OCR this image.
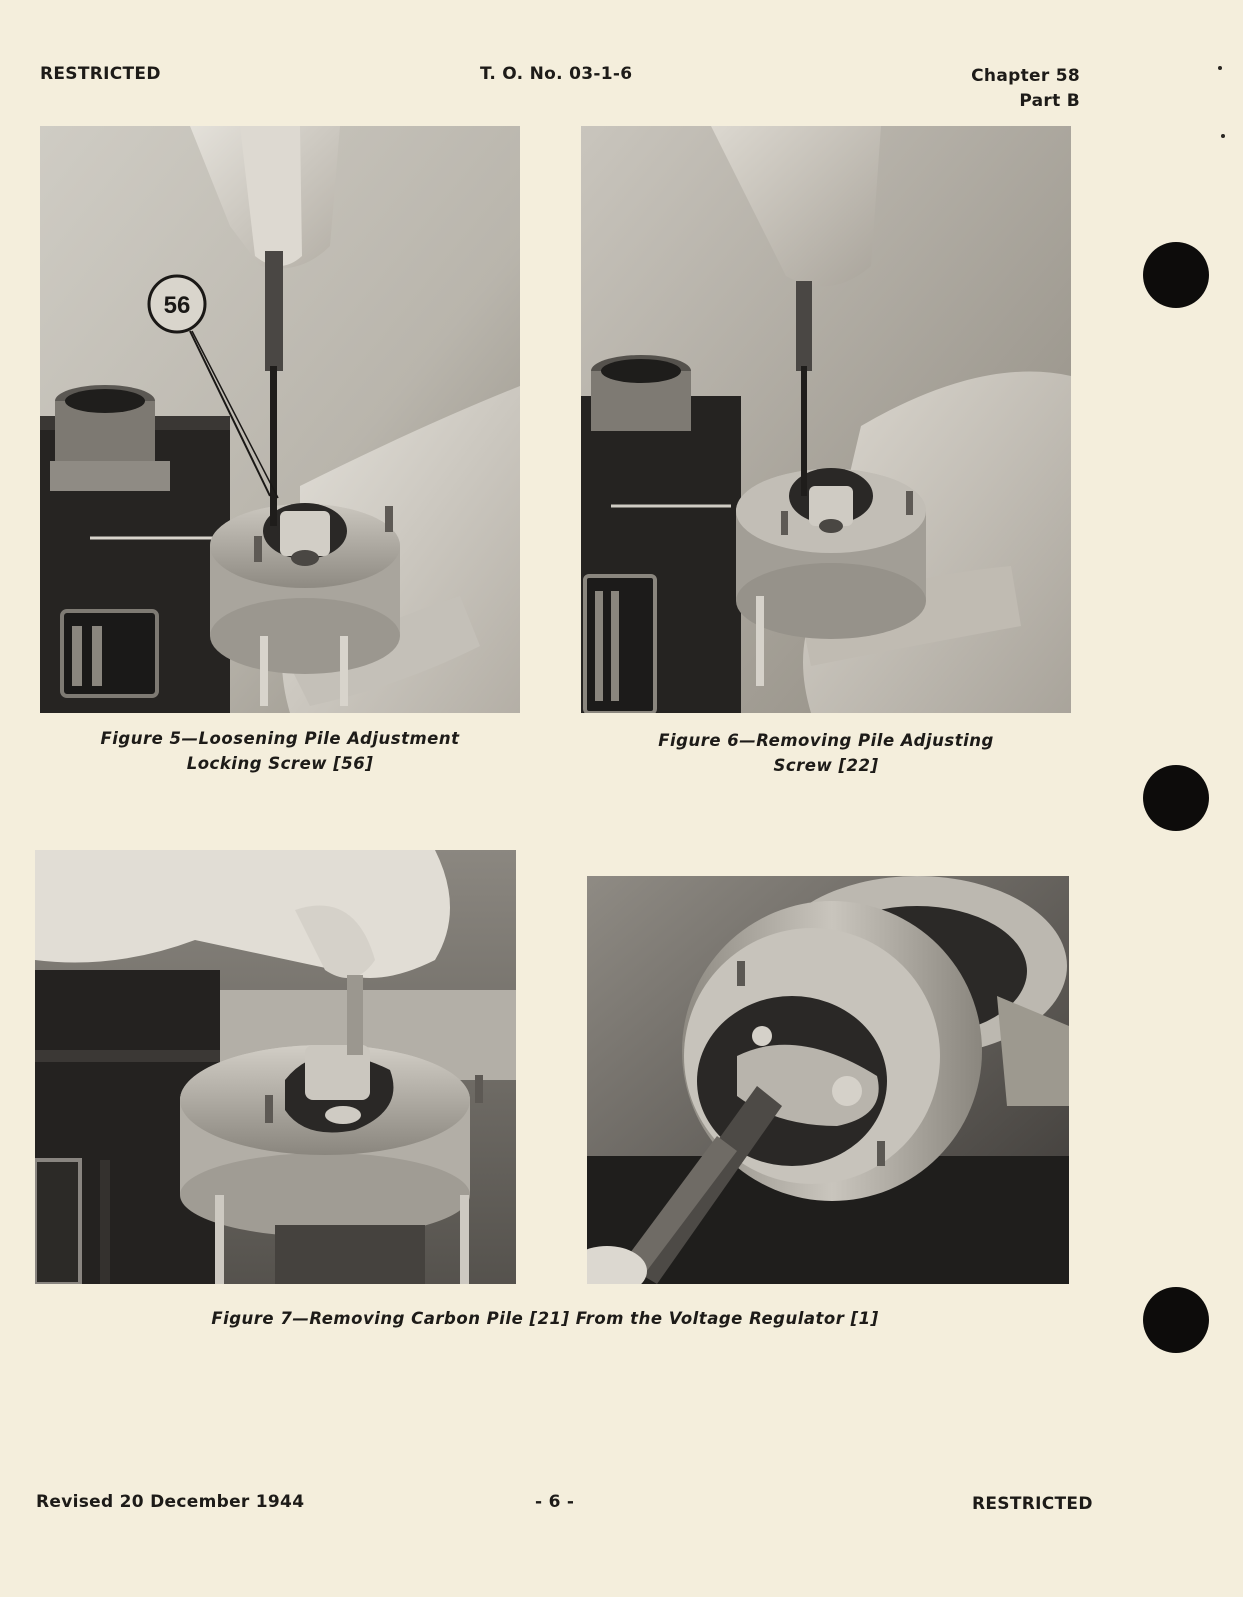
RESTRICTED	T. O. No. 03-1-6	Chapter 58
Part B
56
Figure 5—Loosening Pile Adjustment
Locking Screw [56]
Figure 6—Removing Pile Adjusting
Screw [22]
Figure 7—Removing Carbon Pile [21] From the Voltage Regulator [1]
Revised 20 December 1944	- 6 -	RESTRICTED
